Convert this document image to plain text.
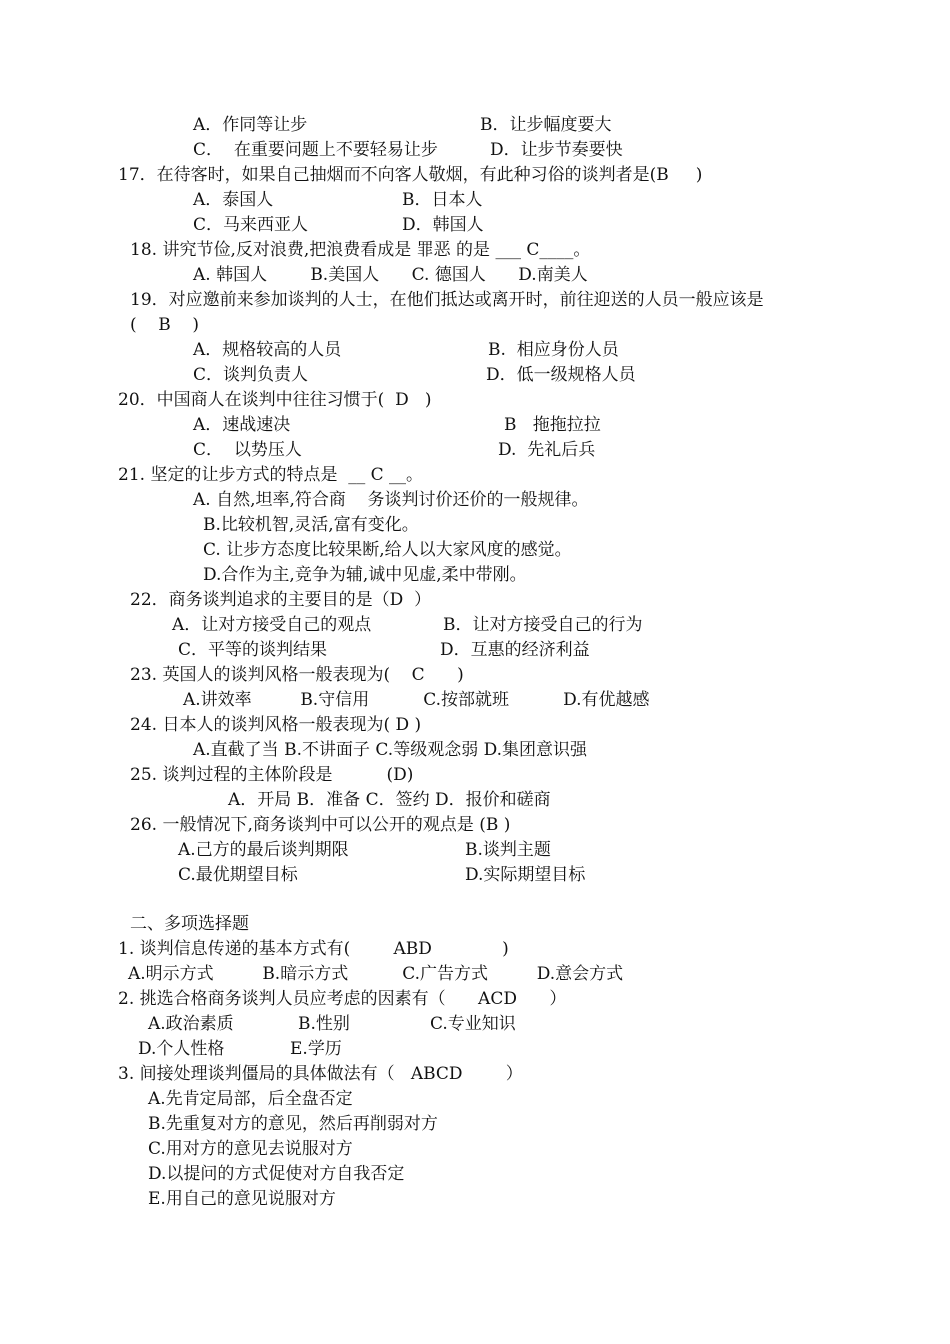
A．作同等让步	B．让步幅度要大
C．  在重要问题上不要轻易让步	D．让步节奏要快
17．在待客时，如果自己抽烟而不向客人敬烟，有此种习俗的谈判者是(B     )
A．泰国人	B．日本人
C．马来西亚人	D．韩国人
18. 讲究节俭,反对浪费,把浪费看成是 罪恶 的是 ___ C____。
A. 韩国人        B.美国人      C. 德国人      D.南美人
19．对应邀前来参加谈判的人士，在他们抵达或离开时，前往迎送的人员一般应该是
(    B    )
A．规格较高的人员	B.  相应身份人员
C．谈判负责人	D．低一级规格人员
20．中国商人在谈判中往往习惯于(  D   )
A．速战速决	B   拖拖拉拉
C．  以势压人	D.  先礼后兵
21. 坚定的让步方式的特点是  __ C __。
A. 自然,坦率,符合商    务谈判讨价还价的一般规律。
B.比较机智,灵活,富有变化。
C. 让步方态度比较果断,给人以大家风度的感觉。
D.合作为主,竞争为辅,诚中见虚,柔中带刚。
22．商务谈判追求的主要目的是（D  ）
A．让对方接受自己的观点	B．让对方接受自己的行为
C．平等的谈判结果	D．互惠的经济利益
23. 英国人的谈判风格一般表现为(    C      )
A.讲效率         B.守信用          C.按部就班          D.有优越感
24. 日本人的谈判风格一般表现为( D )
A.直截了当 B.不讲面子 C.等级观念弱 D.集团意识强
25. 谈判过程的主体阶段是          (D)
A．开局 B．准备 C．签约 D．报价和磋商
26. 一般情况下,商务谈判中可以公开的观点是 (B )
A.己方的最后谈判期限	B.谈判主题
C.最优期望目标	D.实际期望目标
二、多项选择题
1. 谈判信息传递的基本方式有(        ABD             )
A.明示方式         B.暗示方式          C.广告方式         D.意会方式
2. 挑选合格商务谈判人员应考虑的因素有（      ACD      ）
A.政治素质	B.性别	C.专业知识
D.个人性格	E.学历
3. 间接处理谈判僵局的具体做法有（   ABCD        ）
A.先肯定局部，后全盘否定
B.先重复对方的意见，然后再削弱对方
C.用对方的意见去说服对方
D.以提问的方式促使对方自我否定
E.用自己的意见说服对方
